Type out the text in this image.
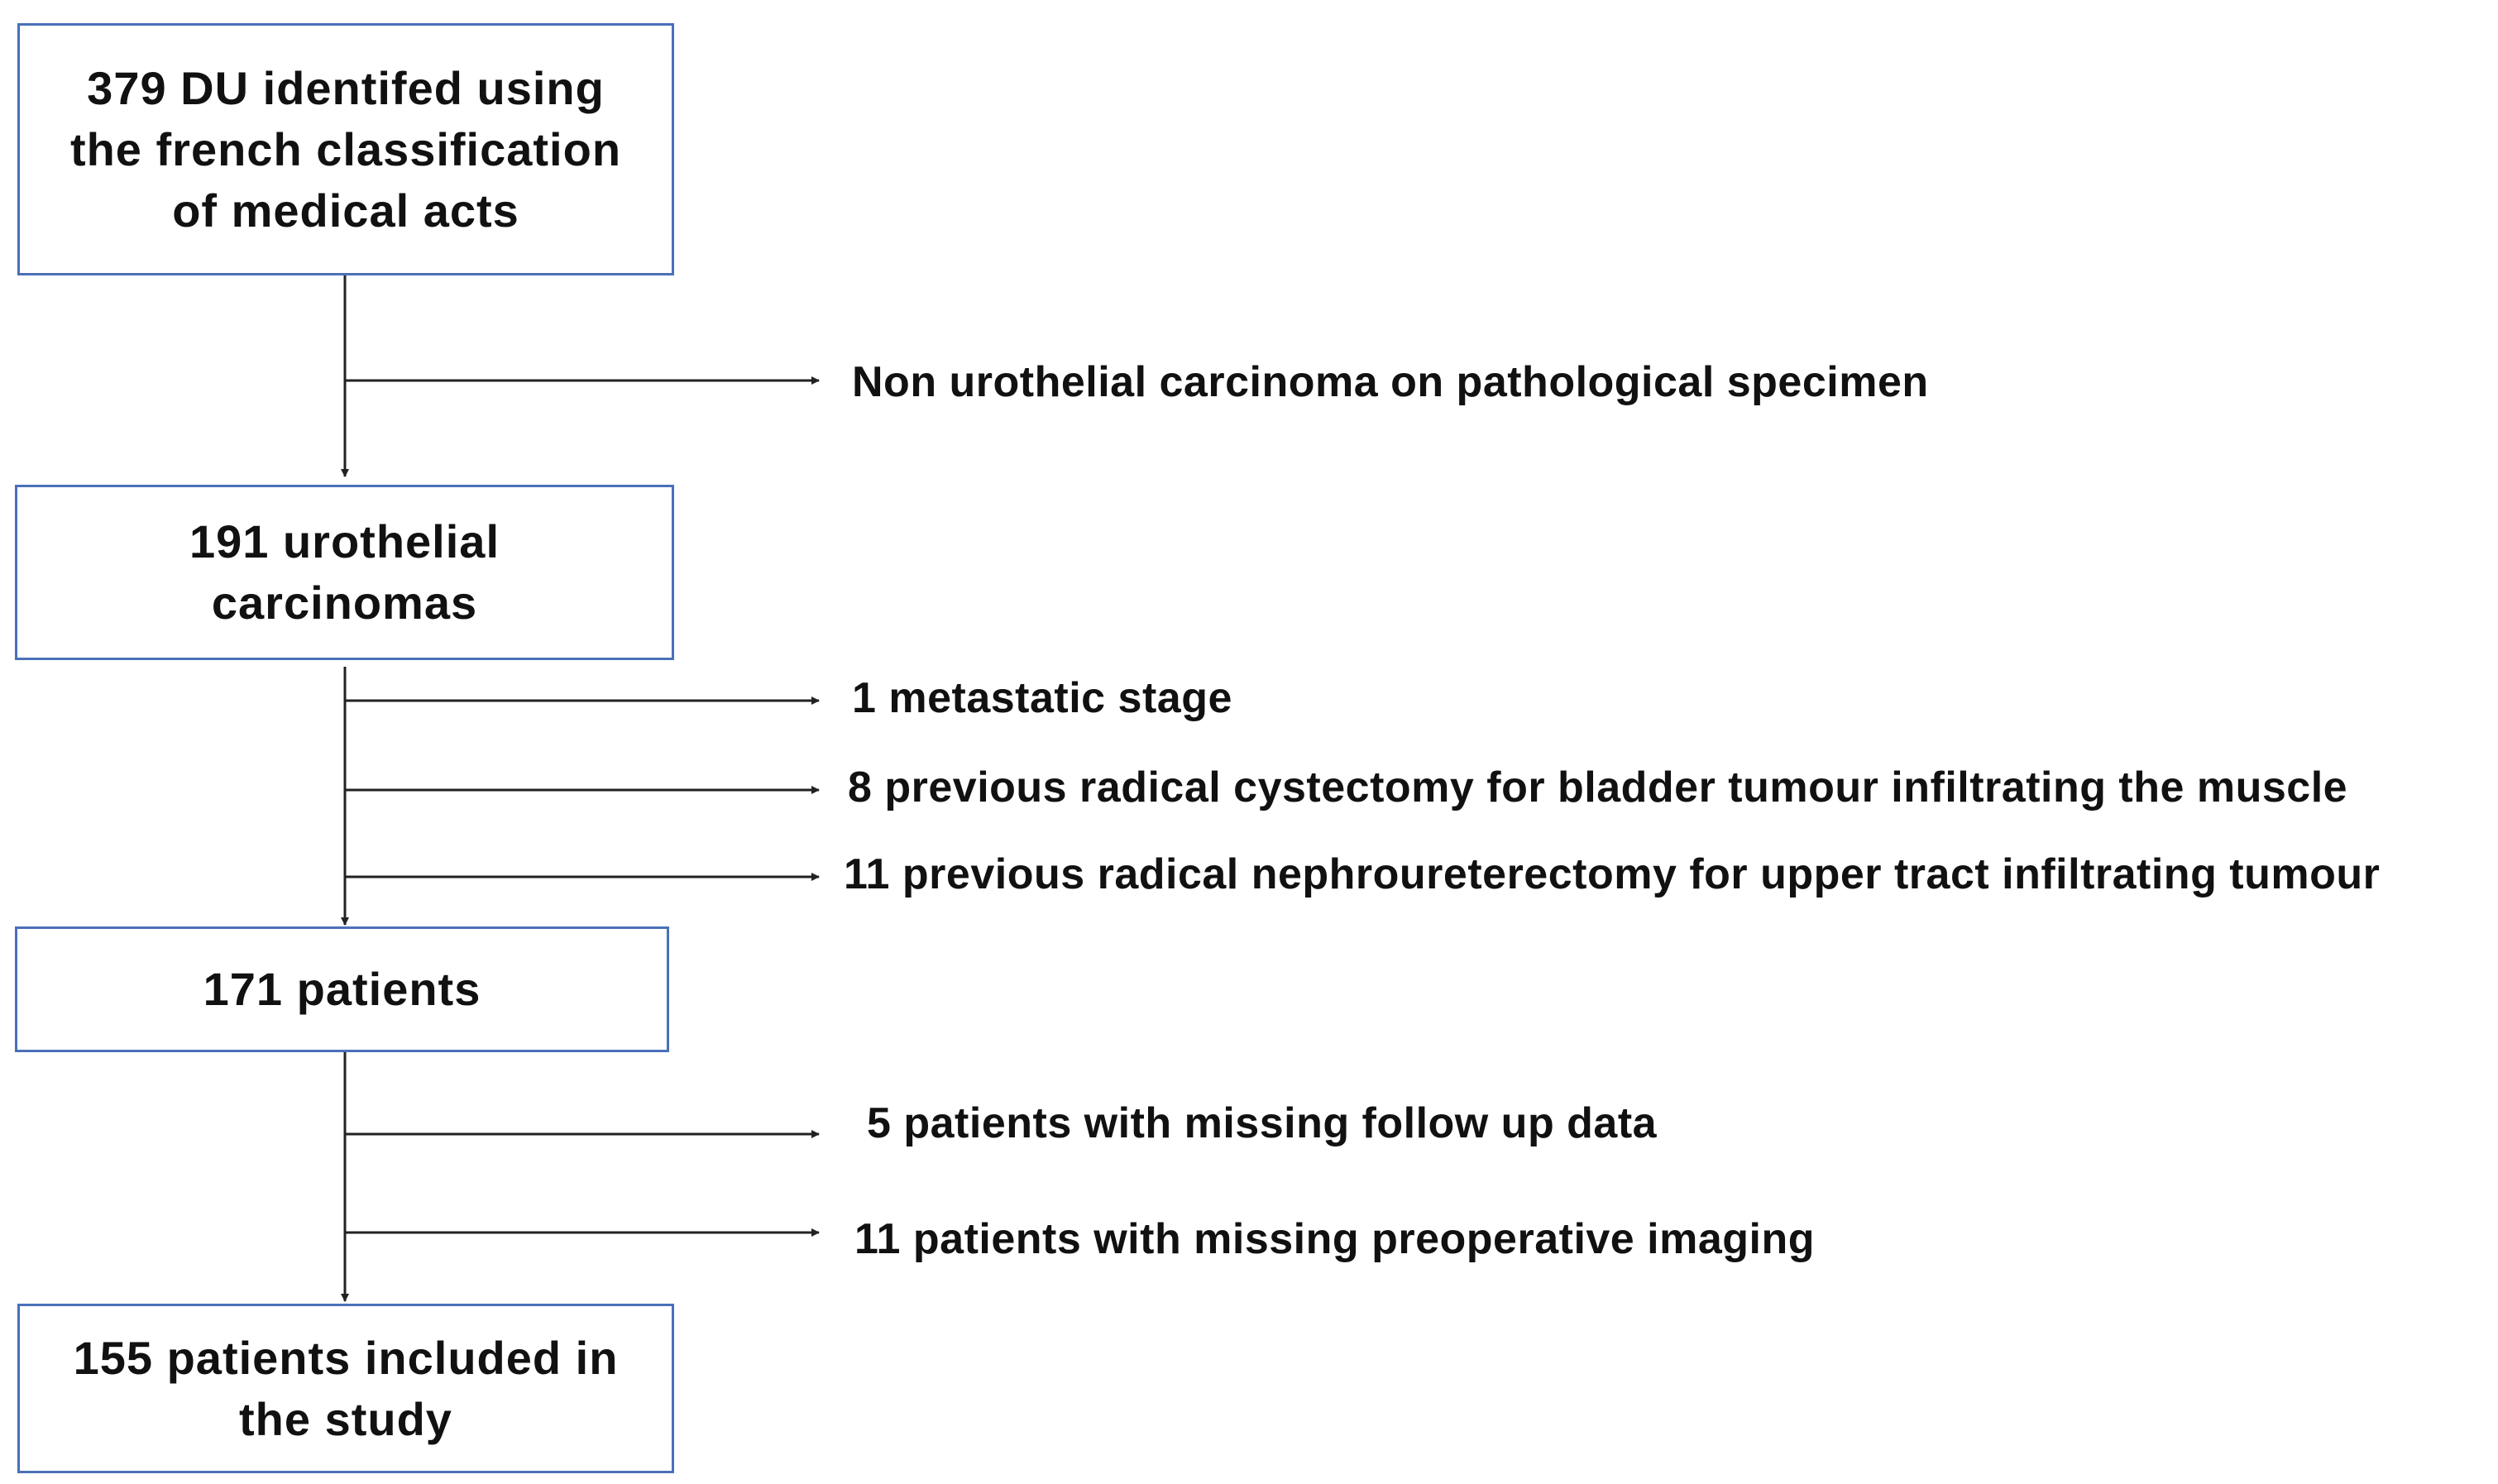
379 DU identifed using
the french classification
of medical acts
191 urothelial
carcinomas
171 patients
155 patients included in
the study
Non urothelial carcinoma on pathological specimen
1 metastatic stage
8 previous radical cystectomy for bladder tumour infiltrating the muscle
11 previous radical nephroureterectomy for upper tract infiltrating tumour
5 patients with missing follow up data
11 patients with missing preoperative imaging
